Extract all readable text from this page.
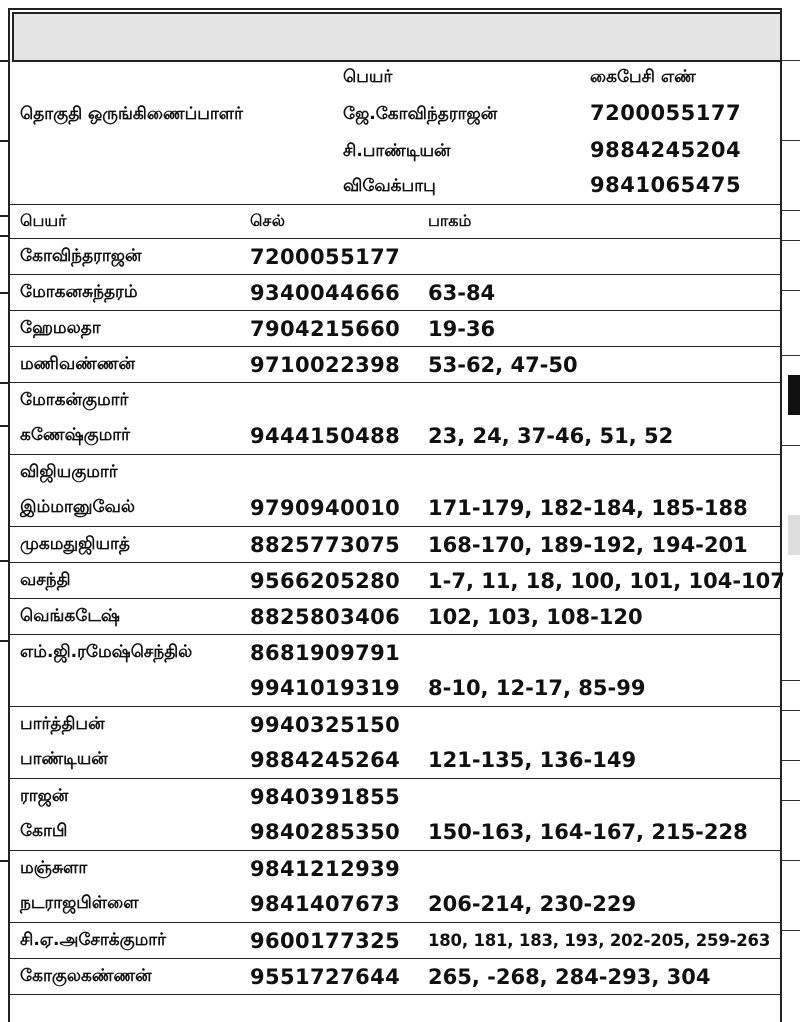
பெயர்	கைபேசி எண்
தொகுதி ஒருங்கிணைப்பாளர்	ஜே.கோவிந்தராஜன்	7200055177
சி.பாண்டியன்	9884245204
விவேக்பாபு	9841065475
பெயர்	செல்	பாகம்
கோவிந்தராஜன்	7200055177
மோகனசுந்தரம்	9340044666 63-84
ஹேமலதா	7904215660 19-36
மணிவண்ணன்	9710022398 53-62, 47-50
மோகன்குமார்
கணேஷ்குமார்	9444150488 23, 24, 37-46, 51, 52
விஜியகுமார்
இம்மானுவேல்	9790940010 171-179, 182-184, 185-188
முகமதுஜியாத்	8825773075 168-170, 189-192, 194-201
வசந்தி	9566205280 1-7, 11, 18, 100, 101, 104-107
வெங்கடேஷ்	8825803406 102, 103, 108-120
எம்.ஜி.ரமேஷ்செந்தில்	8681909791
9941019319 8-10, 12-17, 85-99
பார்த்திபன்	9940325150
பாண்டியன்	9884245264 121-135, 136-149
ராஜன்	9840391855
கோபி	9840285350 150-163, 164-167, 215-228
மஞ்சுளா	9841212939
நடராஜபிள்ளை	9841407673 206-214, 230-229
சி.ஏ.அசோக்குமார்	9600177325 180, 181, 183, 193, 202-205, 259-263
கோகுலகண்ணன்	9551727644 265, -268, 284-293, 304
